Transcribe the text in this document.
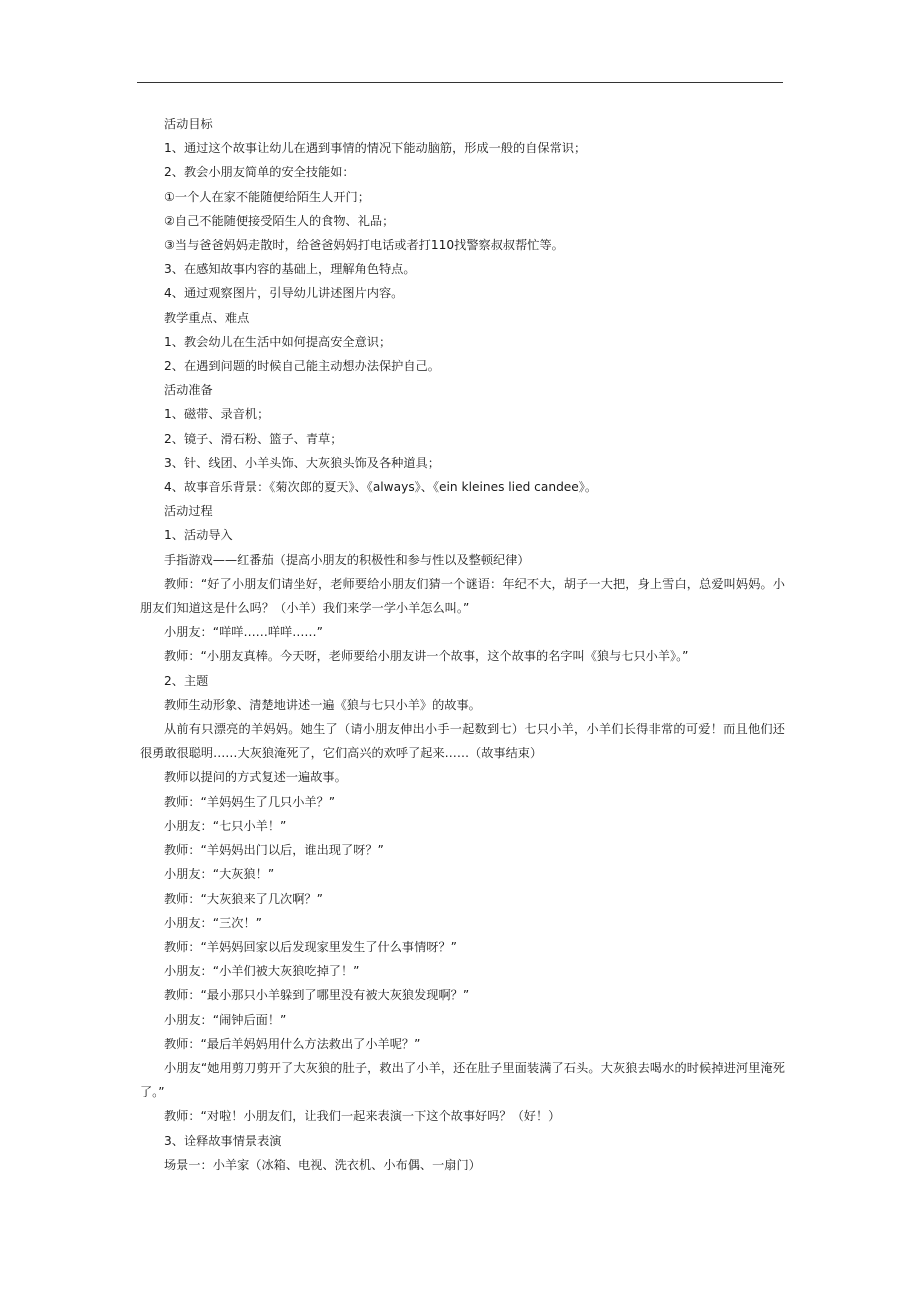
活动目标
1、通过这个故事让幼儿在遇到事情的情况下能动脑筋，形成一般的自保常识；
2、教会小朋友简单的安全技能如：
①一个人在家不能随便给陌生人开门；
②自己不能随便接受陌生人的食物、礼品；
③当与爸爸妈妈走散时，给爸爸妈妈打电话或者打110找警察叔叔帮忙等。
3、在感知故事内容的基础上，理解角色特点。
4、通过观察图片，引导幼儿讲述图片内容。
教学重点、难点
1、教会幼儿在生活中如何提高安全意识；
2、在遇到问题的时候自己能主动想办法保护自己。
活动准备
1、磁带、录音机；
2、镜子、滑石粉、篮子、青草；
3、针、线团、小羊头饰、大灰狼头饰及各种道具；
4、故事音乐背景：《菊次郎的夏天》、《always》、《ein kleines lied candee》。
活动过程
1、活动导入
手指游戏——红番茄（提高小朋友的积极性和参与性以及整顿纪律）
教师：“好了小朋友们请坐好，老师要给小朋友们猜一个谜语：年纪不大，胡子一大把，身上雪白，总爱叫妈妈。小朋友们知道这是什么吗？（小羊）我们来学一学小羊怎么叫。”
小朋友：“咩咩……咩咩……”
教师：“小朋友真棒。今天呀，老师要给小朋友讲一个故事，这个故事的名字叫《狼与七只小羊》。”
2、主题
教师生动形象、清楚地讲述一遍《狼与七只小羊》的故事。
从前有只漂亮的羊妈妈。她生了（请小朋友伸出小手一起数到七）七只小羊，小羊们长得非常的可爱！而且他们还很勇敢很聪明……大灰狼淹死了，它们高兴的欢呼了起来……（故事结束）
教师以提问的方式复述一遍故事。
教师：“羊妈妈生了几只小羊？”
小朋友：“七只小羊！”
教师：“羊妈妈出门以后，谁出现了呀？”
小朋友：“大灰狼！”
教师：“大灰狼来了几次啊？”
小朋友：“三次！”
教师：“羊妈妈回家以后发现家里发生了什么事情呀？”
小朋友：“小羊们被大灰狼吃掉了！”
教师：“最小那只小羊躲到了哪里没有被大灰狼发现啊？”
小朋友：“闹钟后面！”
教师：“最后羊妈妈用什么方法救出了小羊呢？”
小朋友“她用剪刀剪开了大灰狼的肚子，救出了小羊，还在肚子里面装满了石头。大灰狼去喝水的时候掉进河里淹死了。”
教师：“对啦！小朋友们，让我们一起来表演一下这个故事好吗？（好！）
3、诠释故事情景表演
场景一：小羊家（冰箱、电视、洗衣机、小布偶、一扇门）
